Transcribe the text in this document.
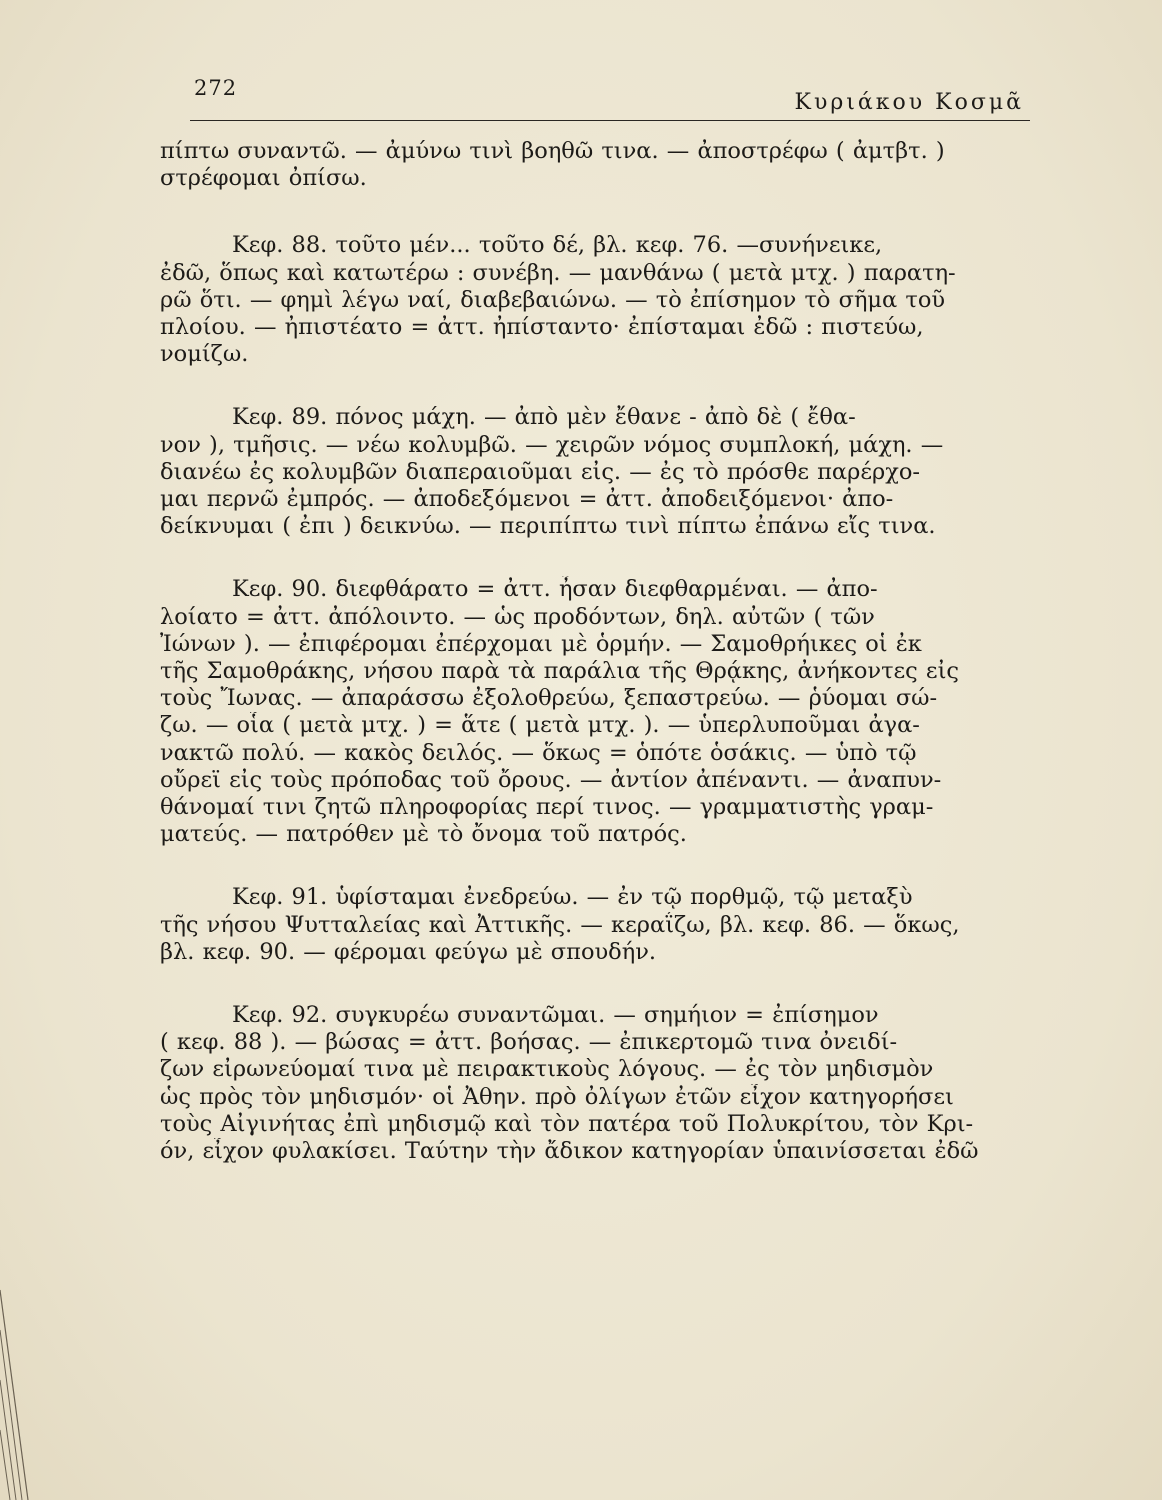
272
Κυριάκου Κοσμᾶ

πίπτω συναντῶ. — ἀμύνω τινὶ βοηθῶ τινα. — ἀποστρέφω ( ἀμτβτ. )
στρέφομαι ὀπίσω.

Κεφ. 88. τοῦτο μέν... τοῦτο δέ, βλ. κεφ. 76. —συνήνεικε,
ἐδῶ, ὅπως καὶ κατωτέρω : συνέβη. — μανθάνω ( μετὰ μτχ. ) παρατη-
ρῶ ὅτι. — φημὶ λέγω ναί, διαβεβαιώνω. — τὸ ἐπίσημον τὸ σῆμα τοῦ
πλοίου. — ἠπιστέατο = ἀττ. ἠπίσταντο· ἐπίσταμαι ἐδῶ : πιστεύω,
νομίζω.

Κεφ. 89. πόνος μάχη. — ἀπὸ μὲν ἔθανε - ἀπὸ δὲ ( ἔθα-
νον ), τμῆσις. — νέω κολυμβῶ. — χειρῶν νόμος συμπλοκή, μάχη. —
διανέω ἐς κολυμβῶν διαπεραιοῦμαι εἰς. — ἐς τὸ πρόσθε παρέρχο-
μαι περνῶ ἐμπρός. — ἀποδεξόμενοι = ἀττ. ἀποδειξόμενοι· ἀπο-
δείκνυμαι ( ἐπι ) δεικνύω. — περιπίπτω τινὶ πίπτω ἐπάνω εἴς τινα.

Κεφ. 90. διεφθάρατο = ἀττ. ἦσαν διεφθαρμέναι. — ἀπο-
λοίατο = ἀττ. ἀπόλοιντο. — ὡς προδόντων, δηλ. αὐτῶν ( τῶν
Ἰώνων ). — ἐπιφέρομαι ἐπέρχομαι μὲ ὁρμήν. — Σαμοθρήικες οἱ ἐκ
τῆς Σαμοθράκης, νήσου παρὰ τὰ παράλια τῆς Θρᾴκης, ἀνήκοντες εἰς
τοὺς Ἴωνας. — ἀπαράσσω ἐξολοθρεύω, ξεπαστρεύω. — ῥύομαι σώ-
ζω. — οἷα ( μετὰ μτχ. ) = ἅτε ( μετὰ μτχ. ). — ὑπερλυποῦμαι ἀγα-
νακτῶ πολύ. — κακὸς δειλός. — ὅκως = ὁπότε ὁσάκις. — ὑπὸ τῷ
οὔρεϊ εἰς τοὺς πρόποδας τοῦ ὄρους. — ἀντίον ἀπέναντι. — ἀναπυν-
θάνομαί τινι ζητῶ πληροφορίας περί τινος. — γραμματιστὴς γραμ-
ματεύς. — πατρόθεν μὲ τὸ ὄνομα τοῦ πατρός.

Κεφ. 91. ὑφίσταμαι ἐνεδρεύω. — ἐν τῷ πορθμῷ, τῷ μεταξὺ
τῆς νήσου Ψυτταλείας καὶ Ἀττικῆς. — κεραΐζω, βλ. κεφ. 86. — ὅκως,
βλ. κεφ. 90. — φέρομαι φεύγω μὲ σπουδήν.

Κεφ. 92. συγκυρέω συναντῶμαι. — σημήιον = ἐπίσημον
( κεφ. 88 ). — βώσας = ἀττ. βοήσας. — ἐπικερτομῶ τινα ὀνειδί-
ζων εἰρωνεύομαί τινα μὲ πειρακτικοὺς λόγους. — ἐς τὸν μηδισμὸν
ὡς πρὸς τὸν μηδισμόν· οἱ Ἀθην. πρὸ ὀλίγων ἐτῶν εἶχον κατηγορήσει
τοὺς Αἰγινήτας ἐπὶ μηδισμῷ καὶ τὸν πατέρα τοῦ Πολυκρίτου, τὸν Κρι-
όν, εἶχον φυλακίσει. Ταύτην τὴν ἄδικον κατηγορίαν ὑπαινίσσεται ἐδῶ
